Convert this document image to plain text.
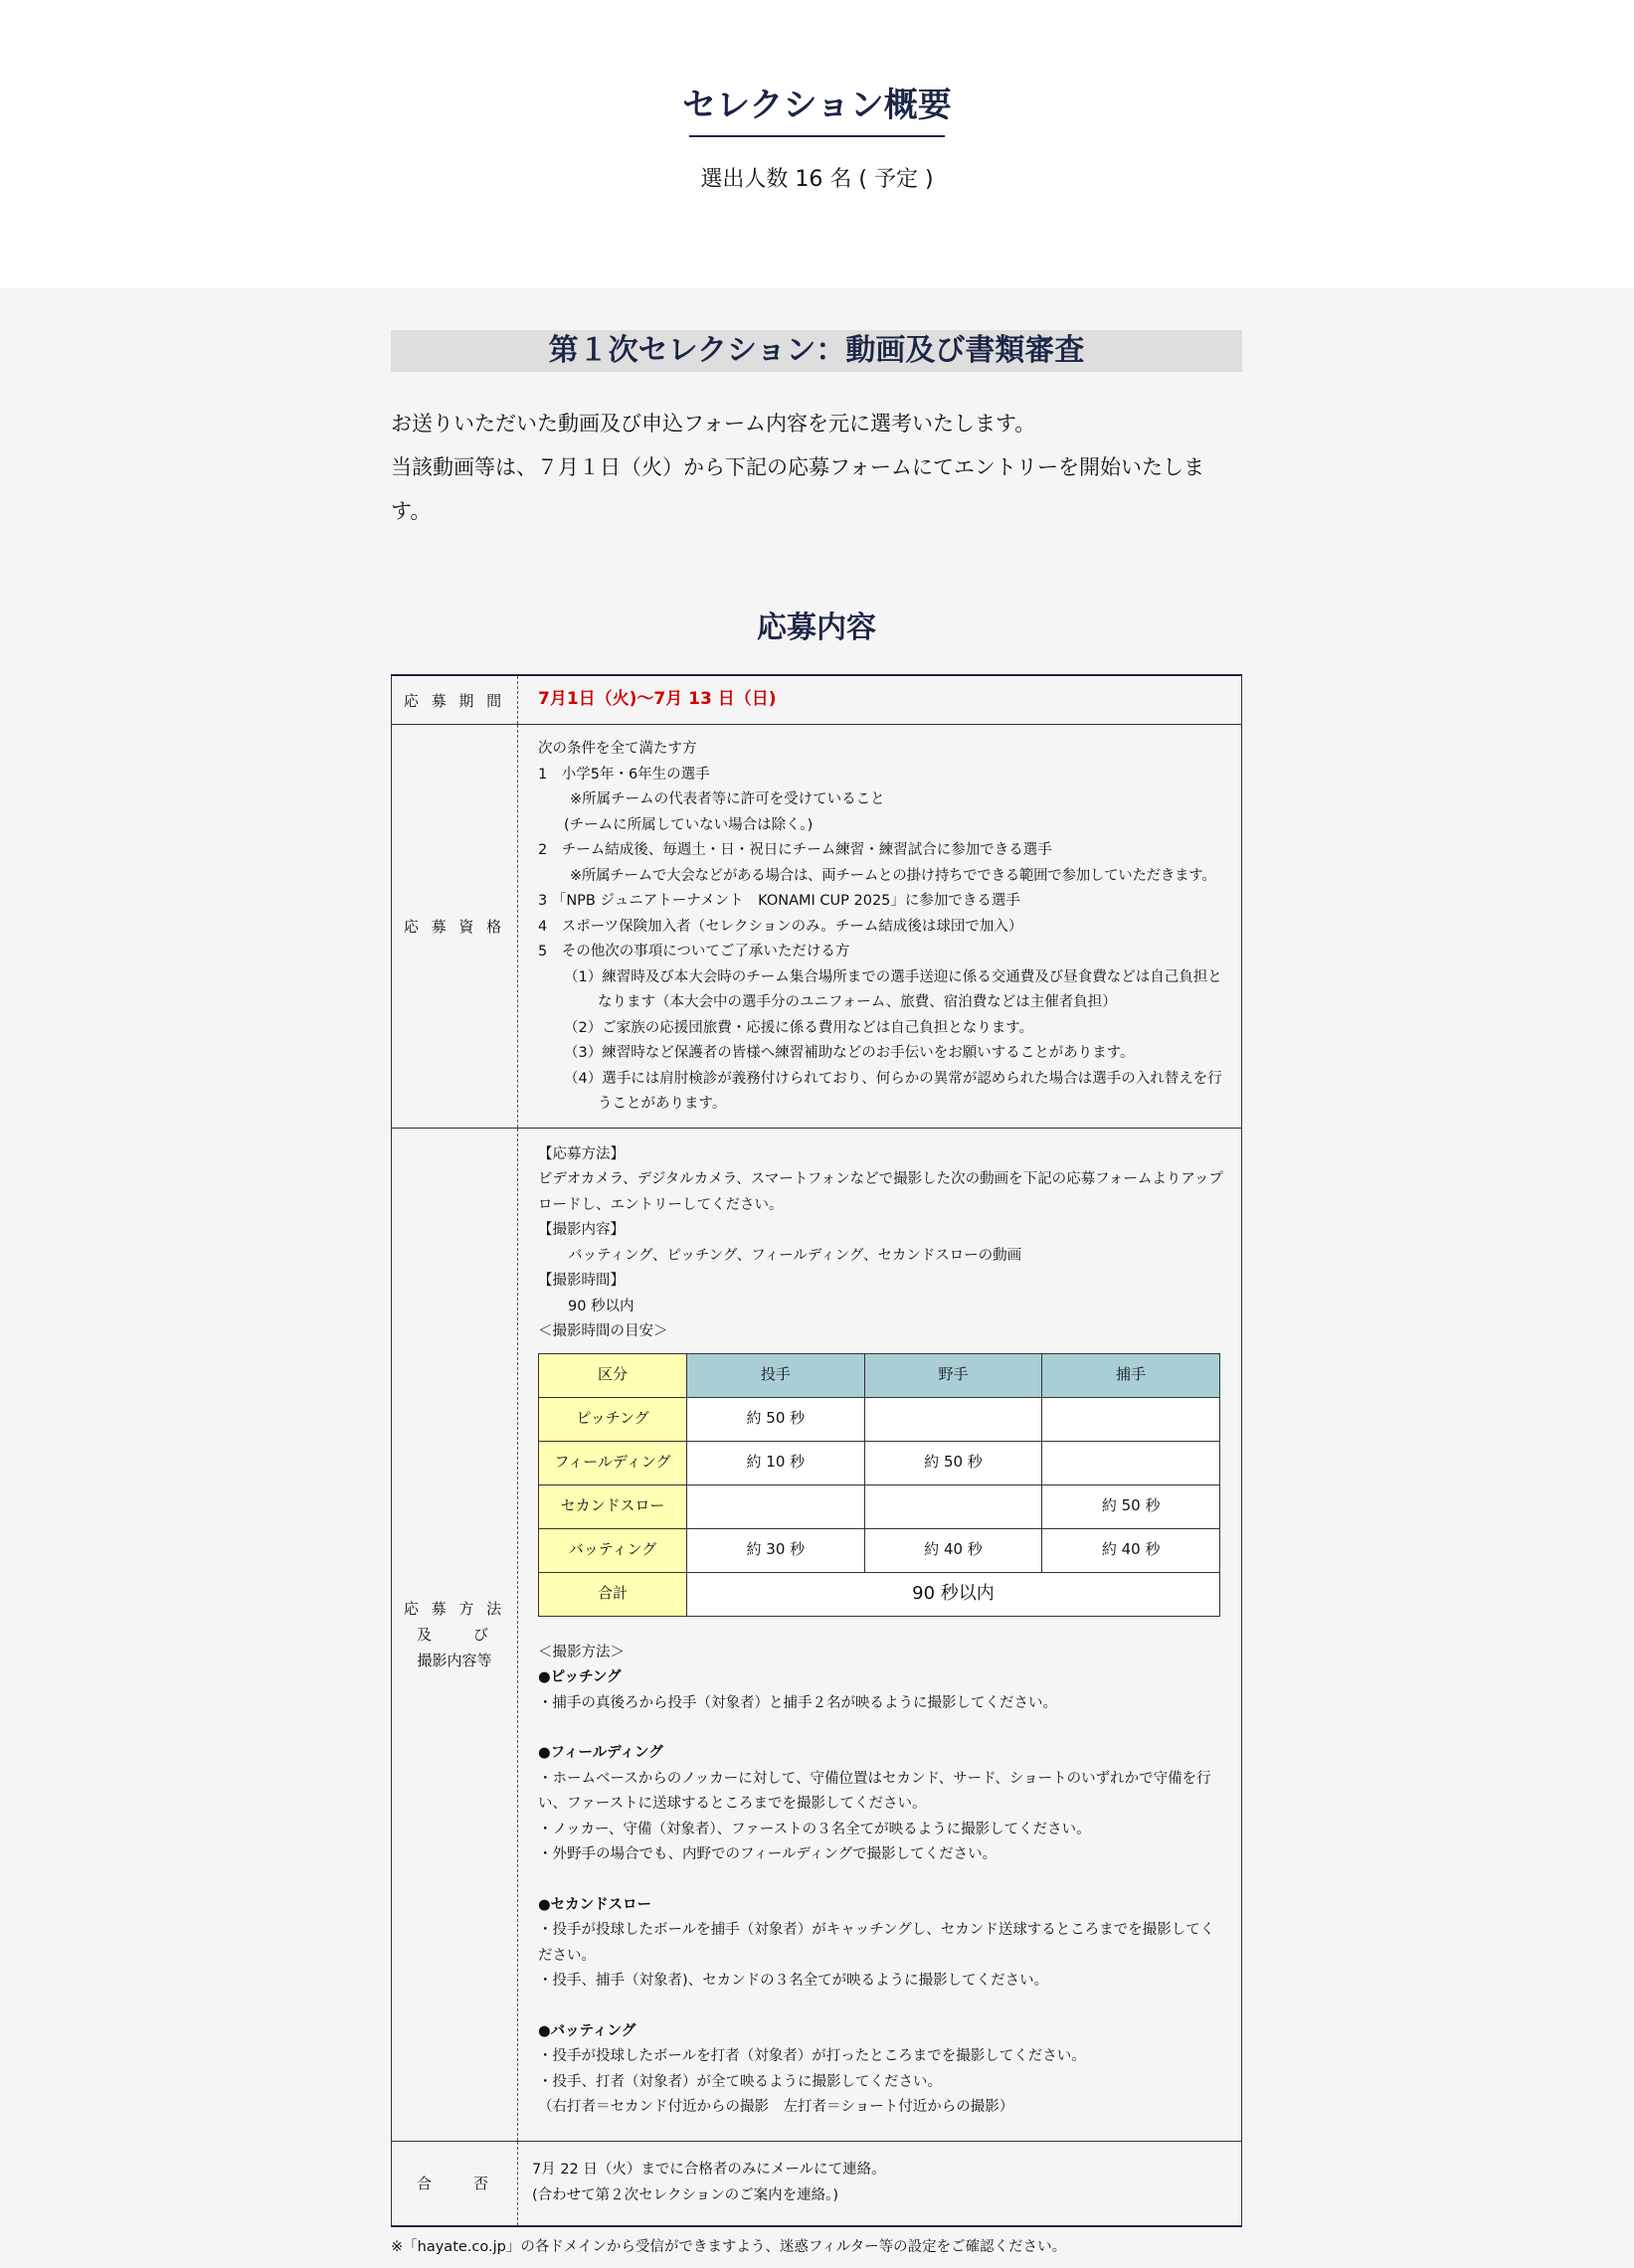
セレクション概要
選出人数 16 名 ( 予定 )
第１次セレクション：動画及び書類審査
お送りいただいた動画及び申込フォーム内容を元に選考いたします。
当該動画等は、７月１日（火）から下記の応募フォームにてエントリーを開始いたします。
応募内容
応 募 期 間	7月1日（火)〜7月 13 日（日)
応 募 資 格	
次の条件を全て満たす方
1　小学5年・6年生の選手
※所属チームの代表者等に許可を受けていること
(チームに所属していない場合は除く。)
2　チーム結成後、毎週土・日・祝日にチーム練習・練習試合に参加できる選手
※所属チームで大会などがある場合は、両チームとの掛け持ちでできる範囲で参加していただきます。
3 「NPB ジュニアトーナメント　KONAMI CUP 2025」に参加できる選手
4　スポーツ保険加入者（セレクションのみ。チーム結成後は球団で加入）
5　その他次の事項についてご了承いただける方
（1）練習時及び本大会時のチーム集合場所までの選手送迎に係る交通費及び昼食費などは自己負担となります（本大会中の選手分のユニフォーム、旅費、宿泊費などは主催者負担）
（2）ご家族の応援団旅費・応援に係る費用などは自己負担となります。
（3）練習時など保護者の皆様へ練習補助などのお手伝いをお願いすることがあります。
（4）選手には肩肘検診が義務付けられており、何らかの異常が認められた場合は選手の入れ替えを行うことがあります。

応 募 方 法
及　　び
撮影内容等

【応募方法】
ビデオカメラ、デジタルカメラ、スマートフォンなどで撮影した次の動画を下記の応募フォームよりアップロードし、エントリーしてください。
【撮影内容】
バッティング、ピッチング、フィールディング、セカンドスローの動画
【撮影時間】
90 秒以内
＜撮影時間の目安＞
区分	投手	野手	捕手
ピッチング	約 50 秒		
フィールディング	約 10 秒	約 50 秒	
セカンドスロー			約 50 秒
バッティング	約 30 秒	約 40 秒	約 40 秒
合計	90 秒以内
＜撮影方法＞
●ピッチング
・捕手の真後ろから投手（対象者）と捕手２名が映るように撮影してください。
●フィールディング
・ホームベースからのノッカーに対して、守備位置はセカンド、サード、ショートのいずれかで守備を行い、ファーストに送球するところまでを撮影してください。
・ノッカー、守備（対象者）、ファーストの３名全てが映るように撮影してください。
・外野手の場合でも、内野でのフィールディングで撮影してください。
●セカンドスロー
・投手が投球したボールを捕手（対象者）がキャッチングし、セカンド送球するところまでを撮影してください。
・投手、捕手（対象者)、セカンドの３名全てが映るように撮影してください。
●バッティング
・投手が投球したボールを打者（対象者）が打ったところまでを撮影してください。
・投手、打者（対象者）が全て映るように撮影してください。
（右打者＝セカンド付近からの撮影　左打者＝ショート付近からの撮影）

合　　否	
7月 22 日（火）までに合格者のみにメールにて連絡。
(合わせて第２次セレクションのご案内を連絡。)
※「hayate.co.jp」の各ドメインから受信ができますよう、迷惑フィルター等の設定をご確認ください。
